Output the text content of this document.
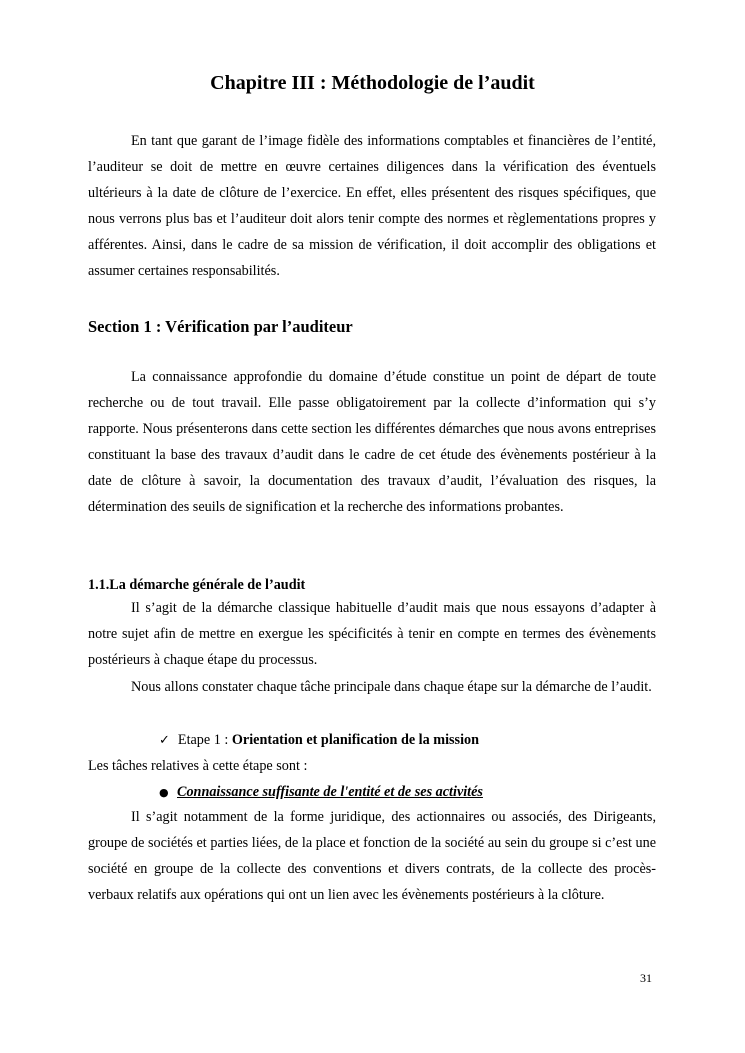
Chapitre III : Méthodologie de l’audit

En tant que garant de l’image fidèle des informations comptables et financières de l’entité, l’auditeur se doit de mettre en œuvre certaines diligences dans la vérification des éventuels ultérieurs à la date de clôture de l’exercice. En effet, elles présentent des risques spécifiques, que nous verrons plus bas et l’auditeur doit alors tenir compte des normes et règlementations propres y afférentes. Ainsi, dans le cadre de sa mission de vérification, il doit accomplir des obligations et assumer certaines responsabilités.

Section 1 : Vérification par l’auditeur

La connaissance approfondie du domaine d’étude constitue un point de départ de toute recherche ou de tout travail. Elle passe obligatoirement par la collecte d’information qui s’y rapporte. Nous présenterons dans cette section les différentes démarches que nous avons entreprises constituant la base des travaux d’audit dans le cadre de cet étude des évènements postérieur à la date de clôture à savoir, la documentation des travaux d’audit, l’évaluation des risques, la détermination des seuils de signification et la recherche des informations probantes.

1.1.La démarche générale de l’audit

Il s’agit de la démarche classique habituelle d’audit mais que nous essayons d’adapter à notre sujet afin de mettre en exergue les spécificités à tenir en compte en termes des évènements postérieurs à chaque étape du processus.

Nous allons constater chaque tâche principale dans chaque étape sur la démarche de l’audit.

✓ Etape 1 : Orientation et planification de la mission
Les tâches relatives à cette étape sont :
● Connaissance suffisante de l'entité et de ses activités

Il s’agit notamment de la forme juridique, des actionnaires ou associés, des Dirigeants, groupe de sociétés et parties liées, de la place et fonction de la société au sein du groupe si c’est une société en groupe de la collecte des conventions et divers contrats, de la collecte des procès-verbaux relatifs aux opérations qui ont un lien avec les évènements postérieurs à la clôture.

31
